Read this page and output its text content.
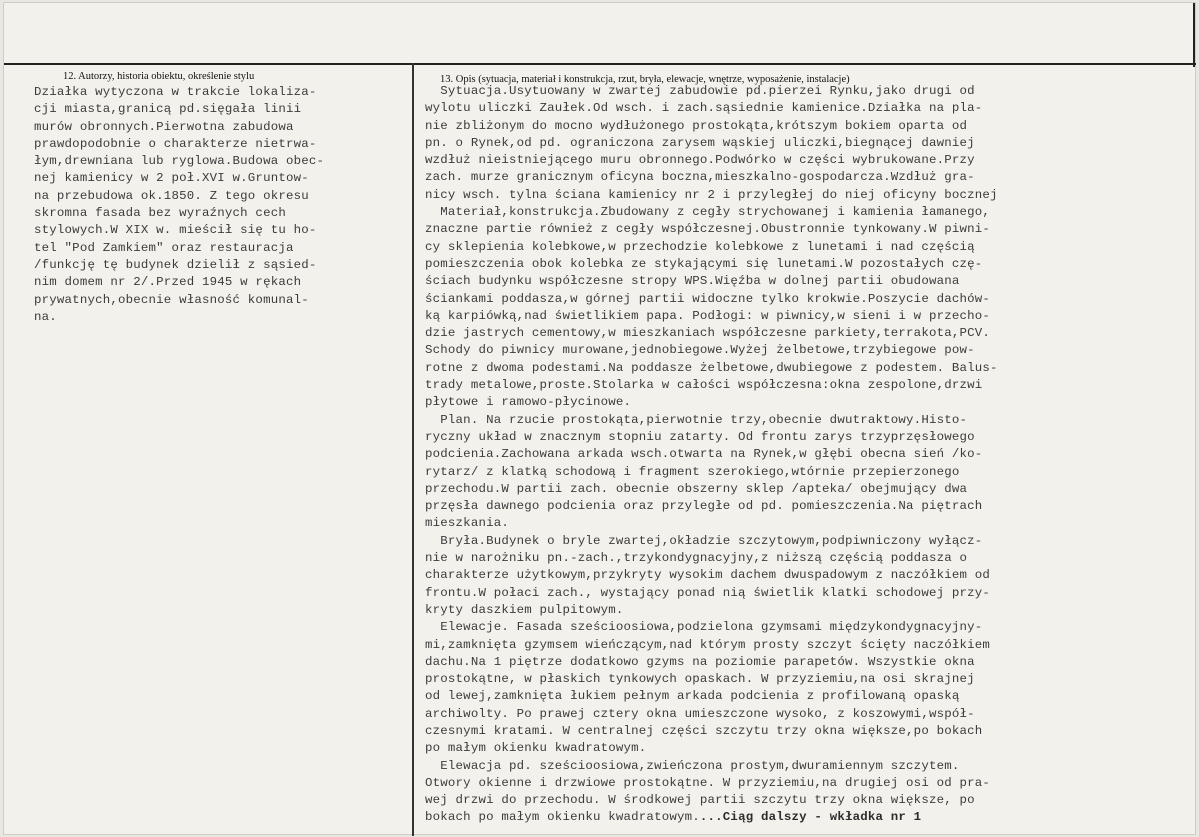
12. Autorzy, historia obiektu, określenie stylu	13. Opis (sytuacja, materiał i konstrukcja, rzut, bryła, elewacje, wnętrze, wyposażenie, instalacje)
Działka wytyczona w trakcie lokaliza-
cji miasta,granicą pd.sięgała linii
murów obronnych.Pierwotna zabudowa
prawdopodobnie o charakterze nietrwa-
łym,drewniana lub ryglowa.Budowa obec-
nej kamienicy w 2 poł.XVI w.Gruntow-
na przebudowa ok.1850. Z tego okresu
skromna fasada bez wyraźnych cech
stylowych.W XIX w. mieścił się tu ho-
tel "Pod Zamkiem" oraz restauracja
/funkcję tę budynek dzielił z sąsied-
nim domem nr 2/.Przed 1945 w rękach
prywatnych,obecnie własność komunal-
na.
Sytuacja.Usytuowany w zwartej zabudowie pd.pierzei Rynku,jako drugi od
wylotu uliczki Zaułek.Od wsch. i zach.sąsiednie kamienice.Działka na pla-
nie zbliżonym do mocno wydłużonego prostokąta,krótszym bokiem oparta od
pn. o Rynek,od pd. ograniczona zarysem wąskiej uliczki,biegnącej dawniej
wzdłuż nieistniejącego muru obronnego.Podwórko w części wybrukowane.Przy
zach. murze granicznym oficyna boczna,mieszkalno-gospodarcza.Wzdłuż gra-
nicy wsch. tylna ściana kamienicy nr 2 i przyległej do niej oficyny bocznej
Materiał,konstrukcja.Zbudowany z cegły strychowanej i kamienia łamanego,
znaczne partie również z cegły współczesnej.Obustronnie tynkowany.W piwni-
cy sklepienia kolebkowe,w przechodzie kolebkowe z lunetami i nad częścią
pomieszczenia obok kolebka ze stykającymi się lunetami.W pozostałych czę-
ściach budynku współczesne stropy WPS.Więźba w dolnej partii obudowana
ściankami poddasza,w górnej partii widoczne tylko krokwie.Poszycie dachów-
ką karpiówką,nad świetlikiem papa. Podłogi: w piwnicy,w sieni i w przecho-
dzie jastrych cementowy,w mieszkaniach współczesne parkiety,terrakota,PCV.
Schody do piwnicy murowane,jednobiegowe.Wyżej żelbetowe,trzybiegowe pow-
rotne z dwoma podestami.Na poddasze żelbetowe,dwubiegowe z podestem. Balus-
trady metalowe,proste.Stolarka w całości współczesna:okna zespolone,drzwi
płytowe i ramowo-płycinowe.
Plan. Na rzucie prostokąta,pierwotnie trzy,obecnie dwutraktowy.Histo-
ryczny układ w znacznym stopniu zatarty. Od frontu zarys trzyprzęsłowego
podcienia.Zachowana arkada wsch.otwarta na Rynek,w głębi obecna sień /ko-
rytarz/ z klatką schodową i fragment szerokiego,wtórnie przepierzonego
przechodu.W partii zach. obecnie obszerny sklep /apteka/ obejmujący dwa
przęsła dawnego podcienia oraz przyległe od pd. pomieszczenia.Na piętrach
mieszkania.
Bryła.Budynek o bryle zwartej,okładzie szczytowym,podpiwniczony wyłącz-
nie w narożniku pn.-zach.,trzykondygnacyjny,z niższą częścią poddasza o
charakterze użytkowym,przykryty wysokim dachem dwuspadowym z naczółkiem od
frontu.W połaci zach., wystający ponad nią świetlik klatki schodowej przy-
kryty daszkiem pulpitowym.
Elewacje. Fasada sześcioosiowa,podzielona gzymsami międzykondygnacyjny-
mi,zamknięta gzymsem wieńczącym,nad którym prosty szczyt ścięty naczółkiem
dachu.Na 1 piętrze dodatkowo gzyms na poziomie parapetów. Wszystkie okna
prostokątne, w płaskich tynkowych opaskach. W przyziemiu,na osi skrajnej
od lewej,zamknięta łukiem pełnym arkada podcienia z profilowaną opaską
archiwolty. Po prawej cztery okna umieszczone wysoko, z koszowymi,współ-
czesnymi kratami. W centralnej części szczytu trzy okna większe,po bokach
po małym okienku kwadratowym.
Elewacja pd. sześcioosiowa,zwieńczona prostym,dwuramiennym szczytem.
Otwory okienne i drzwiowe prostokątne. W przyziemiu,na drugiej osi od pra-
wej drzwi do przechodu. W środkowej partii szczytu trzy okna większe, po
bokach po małym okienku kwadratowym....Ciąg dalszy - wkładka nr 1
